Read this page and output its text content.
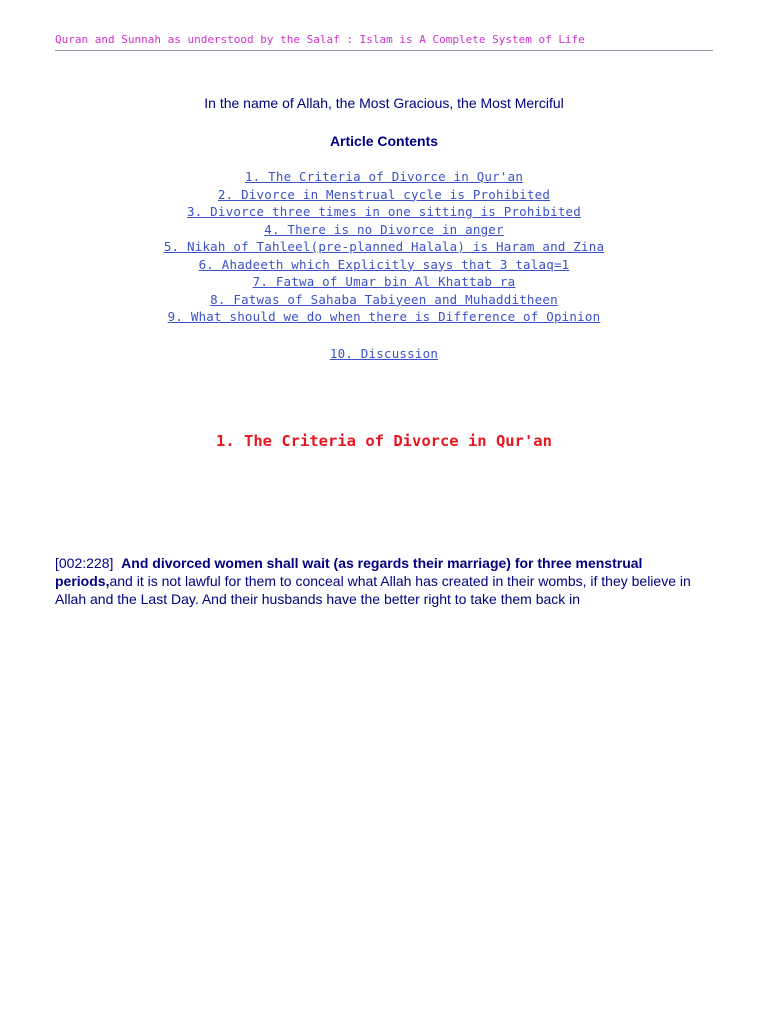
Quran and Sunnah as understood by the Salaf : Islam is A Complete System of Life
In the name of Allah, the Most Gracious, the Most Merciful
Article Contents
1. The Criteria of Divorce in Qur'an
2. Divorce in Menstrual cycle is Prohibited
3. Divorce three times in one sitting is Prohibited
4. There is no Divorce in anger
5. Nikah of Tahleel(pre-planned Halala) is Haram and Zina
6. Ahadeeth which Explicitly says that 3 talaq=1
7. Fatwa of Umar bin Al Khattab ra
8. Fatwas of Sahaba Tabiyeen and Muhadditheen
9. What should we do when there is Difference of Opinion
10. Discussion
1. The Criteria of Divorce in Qur'an

[002:228] And divorced women shall wait (as regards their marriage) for three menstrual periods,and it is not lawful for them to conceal what Allah has created in their wombs, if they believe in Allah and the Last Day. And their husbands have the better right to take them back in
